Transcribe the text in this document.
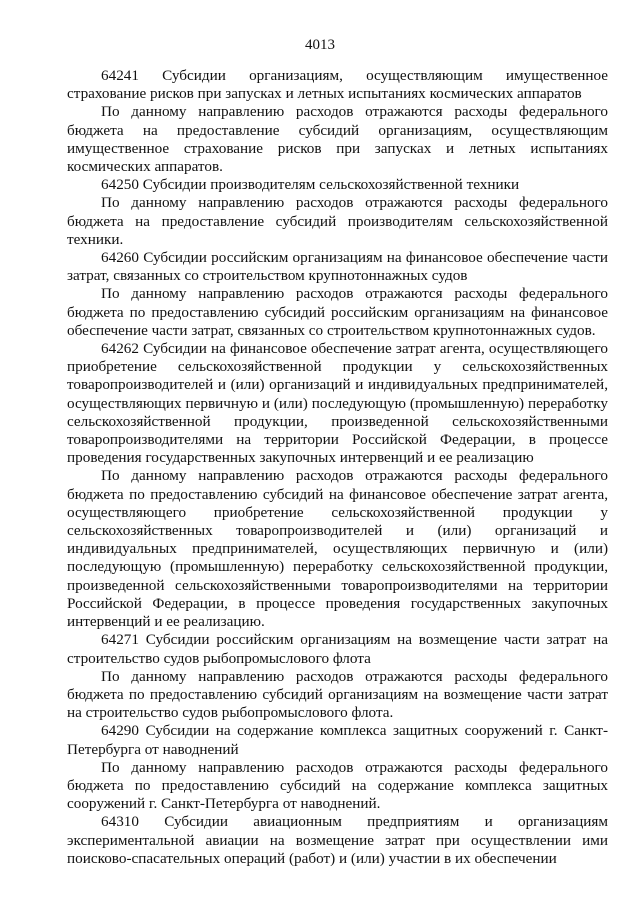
4013

64241 Субсидии организациям, осуществляющим имущественное страхование рисков при запусках и летных испытаниях космических аппаратов

По данному направлению расходов отражаются расходы федерального бюджета на предоставление субсидий организациям, осуществляющим имущественное страхование рисков при запусках и летных испытаниях космических аппаратов.

64250 Субсидии производителям сельскохозяйственной техники

По данному направлению расходов отражаются расходы федерального бюджета на предоставление субсидий производителям сельскохозяйственной техники.

64260 Субсидии российским организациям на финансовое обеспечение части затрат, связанных со строительством крупнотоннажных судов

По данному направлению расходов отражаются расходы федерального бюджета по предоставлению субсидий российским организациям на финансовое обеспечение части затрат, связанных со строительством крупнотоннажных судов.

64262 Субсидии на финансовое обеспечение затрат агента, осуществляющего приобретение сельскохозяйственной продукции у сельскохозяйственных товаропроизводителей и (или) организаций и индивидуальных предпринимателей, осуществляющих первичную и (или) последующую (промышленную) переработку сельскохозяйственной продукции, произведенной сельскохозяйственными товаропроизводителями на территории Российской Федерации, в процессе проведения государственных закупочных интервенций и ее реализацию

По данному направлению расходов отражаются расходы федерального бюджета по предоставлению субсидий на финансовое обеспечение затрат агента, осуществляющего приобретение сельскохозяйственной продукции у сельскохозяйственных товаропроизводителей и (или) организаций и индивидуальных предпринимателей, осуществляющих первичную и (или) последующую (промышленную) переработку сельскохозяйственной продукции, произведенной сельскохозяйственными товаропроизводителями на территории Российской Федерации, в процессе проведения государственных закупочных интервенций и ее реализацию.

64271 Субсидии российским организациям на возмещение части затрат на строительство судов рыбопромыслового флота

По данному направлению расходов отражаются расходы федерального бюджета по предоставлению субсидий организациям на возмещение части затрат на строительство судов рыбопромыслового флота.

64290 Субсидии на содержание комплекса защитных сооружений г. Санкт-Петербурга от наводнений

По данному направлению расходов отражаются расходы федерального бюджета по предоставлению субсидий на содержание комплекса защитных сооружений г. Санкт-Петербурга от наводнений.

64310 Субсидии авиационным предприятиям и организациям экспериментальной авиации на возмещение затрат при осуществлении ими поисково-спасательных операций (работ) и (или) участии в их обеспечении
